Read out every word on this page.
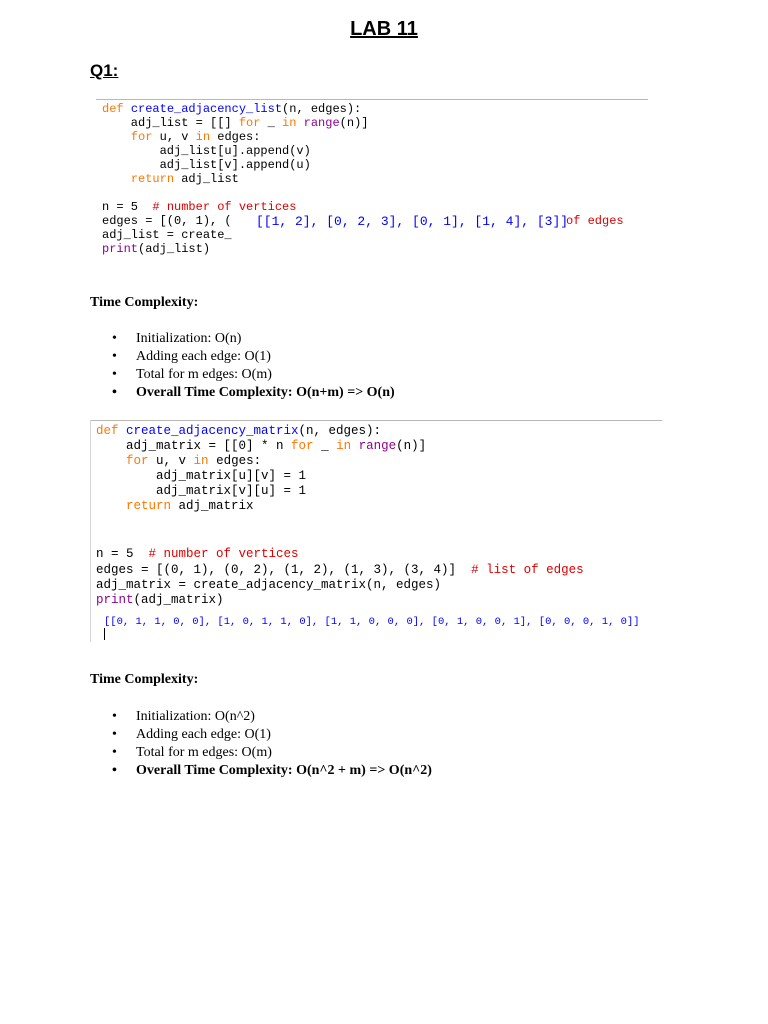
LAB 11
Q1:

def create_adjacency_list(n, edges):

adj_list = [[] for _ in range(n)]

for u, v in edges:

adj_list[u].append(v)

adj_list[v].append(u)

return adj_list

n = 5  # number of vertices

edges = [(0, 1), (

adj_list = create_

print(adj_list)

[[1, 2], [0, 2, 3], [0, 1], [1, 4], [3]]

of edges

Time Complexity:
• Initialization: O(n)
• Adding each edge: O(1)
• Total for m edges: O(m)
• Overall Time Complexity: O(n+m) => O(n)

def create_adjacency_matrix(n, edges):

adj_matrix = [[0] * n for _ in range(n)]

for u, v in edges:

adj_matrix[u][v] = 1

adj_matrix[v][u] = 1

return adj_matrix

n = 5  # number of vertices

edges = [(0, 1), (0, 2), (1, 2), (1, 3), (3, 4)]  # list of edges

adj_matrix = create_adjacency_matrix(n, edges)

print(adj_matrix)

[[0, 1, 1, 0, 0], [1, 0, 1, 1, 0], [1, 1, 0, 0, 0], [0, 1, 0, 0, 1], [0, 0, 0, 1, 0]]

Time Complexity:
• Initialization: O(n^2)
• Adding each edge: O(1)
• Total for m edges: O(m)
• Overall Time Complexity: O(n^2 + m) => O(n^2)
